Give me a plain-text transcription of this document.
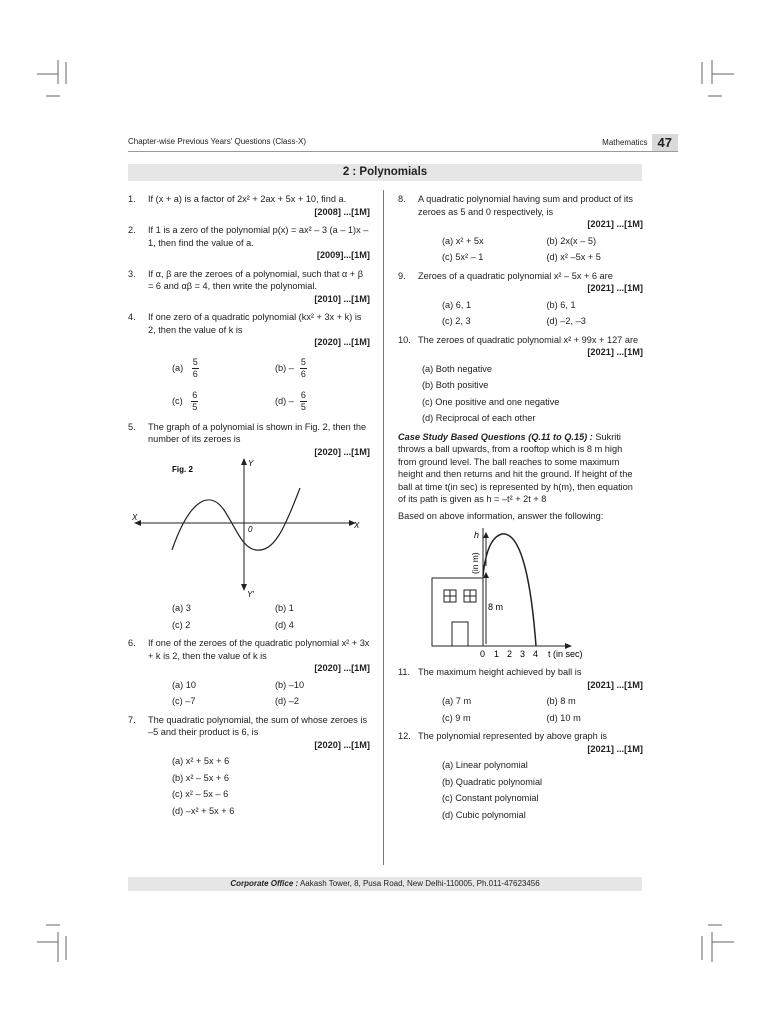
Chapter-wise Previous Years' Questions (Class-X)	Mathematics 47
2 : Polynomials
1. If (x + a) is a factor of 2x² + 2ax + 5x + 10, find a.
[2008] ...[1M]
2. If 1 is a zero of the polynomial p(x) = ax² – 3 (a – 1)x – 1, then find the value of a.
[2009]...[1M]
3. If α, β are the zeroes of a polynomial, such that α + β = 6 and αβ = 4, then write the polynomial.
[2010] ...[1M]
4. If one zero of a quadratic polynomial (kx² + 3x + k) is 2, then the value of k is
[2020] ...[1M]
$(a) \frac{5}{6}$	$(b) - \frac{5}{6}$
$(c) \frac{6}{5}$	$(d) - \frac{6}{5}$
5. The graph of a polynomial is shown in Fig. 2, then the number of its zeroes is
[2020] ...[1M]
Fig. 2
Y
Y'
X
X
0
(a) 3	(b) 1
(c) 2	(d) 4
6. If one of the zeroes of the quadratic polynomial x² + 3x + k is 2, then the value of k is
[2020] ...[1M]
(a) 10	(b) –10
(c) –7	(d) –2
7. The quadratic polynomial, the sum of whose zeroes is –5 and their product is 6, is
[2020] ...[1M]
(a) x² + 5x + 6
(b) x² – 5x + 6
(c) x² – 5x – 6
(d) –x² + 5x + 6
8. A quadratic polynomial having sum and product of its zeroes as 5 and 0 respectively, is
[2021] ...[1M]
(a) x² + 5x	(b) 2x(x – 5)
(c) 5x² – 1	(d) x² –5x + 5
9. Zeroes of a quadratic polynomial x² – 5x + 6 are
[2021] ...[1M]
(a) 6, 1	(b) 6, 1
(c) 2, 3	(d) –2, –3
10. The zeroes of quadratic polynomial x² + 99x + 127 are
[2021] ...[1M]
(a) Both negative
(b) Both positive
(c) One positive and one negative
(d) Reciprocal of each other
Case Study Based Questions (Q.11 to Q.15) : Sukriti throws a ball upwards, from a rooftop which is 8 m high from ground level. The ball reaches to some maximum height and then returns and hit the ground. If height of the ball at time t(in sec) is represented by h(m), then equation of its path is given as h = –t² + 2t + 8
Based on above information, answer the following:
h
(in m)
8 m
0 1 2 3 4 t (in sec)
11. The maximum height achieved by ball is
[2021] ...[1M]
(a) 7 m	(b) 8 m
(c) 9 m	(d) 10 m
12. The polynomial represented by above graph is
[2021] ...[1M]
(a) Linear polynomial
(b) Quadratic polynomial
(c) Constant polynomial
(d) Cubic polynomial
Corporate Office : Aakash Tower, 8, Pusa Road, New Delhi-110005, Ph.011-47623456
